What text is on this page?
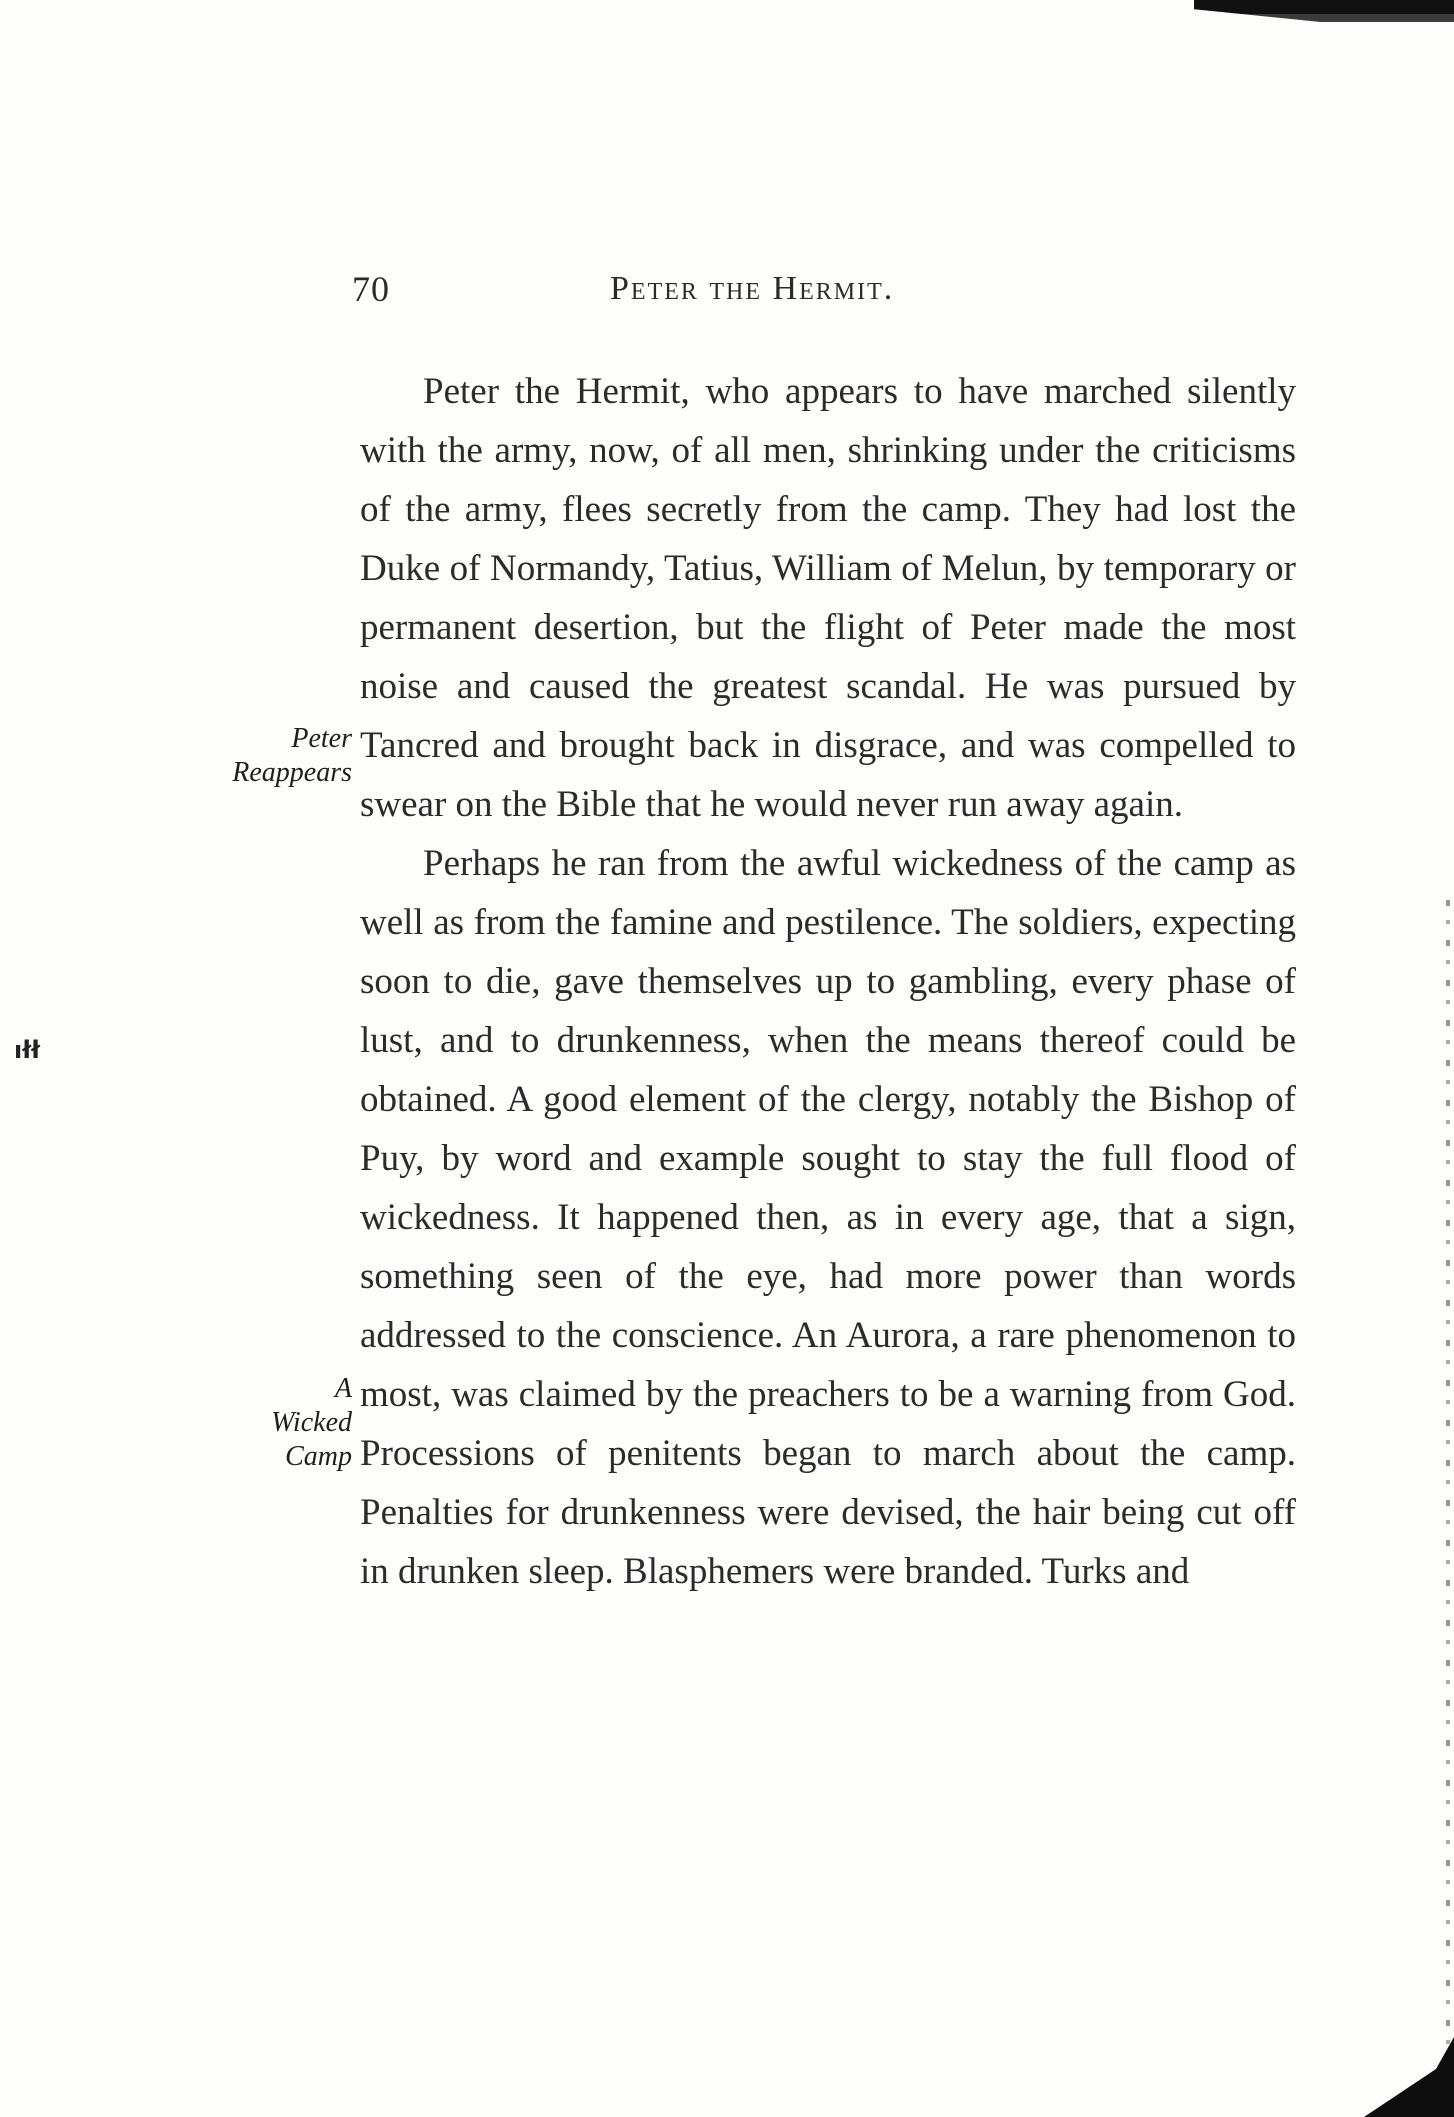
ıłł
70	Peter the Hermit.
Peter
Reappears
A
Wicked
Camp

Peter the Hermit, who appears to have marched silently with the army, now, of all men, shrinking under the criticisms of the army, flees secretly from the camp. They had lost the Duke of Normandy, Tatius, William of Melun, by temporary or permanent desertion, but the flight of Peter made the most noise and caused the greatest scandal. He was pursued by Tancred and brought back in disgrace, and was compelled to swear on the Bible that he would never run away again.

Perhaps he ran from the awful wickedness of the camp as well as from the famine and pestilence. The soldiers, expecting soon to die, gave themselves up to gambling, every phase of lust, and to drunkenness, when the means thereof could be obtained. A good element of the clergy, notably the Bishop of Puy, by word and example sought to stay the full flood of wickedness. It happened then, as in every age, that a sign, something seen of the eye, had more power than words addressed to the conscience. An Aurora, a rare phenomenon to most, was claimed by the preachers to be a warning from God. Processions of penitents began to march about the camp. Penalties for drunkenness were devised, the hair being cut off in drunken sleep. Blasphemers were branded. Turks and
